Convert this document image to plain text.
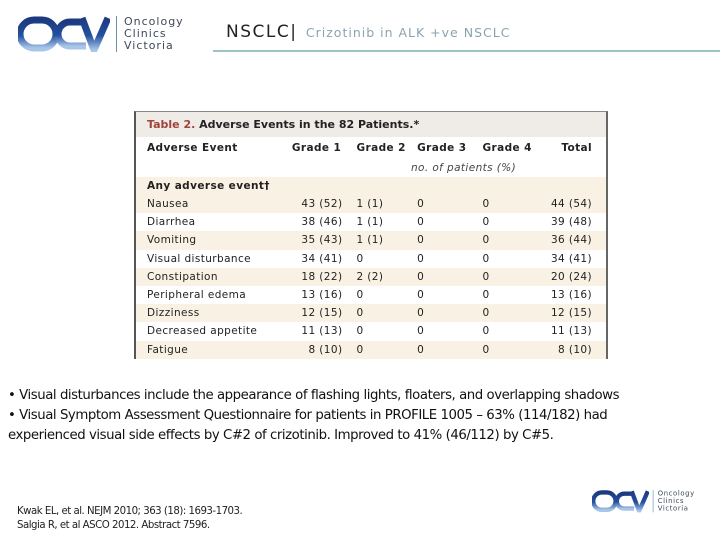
Oncology
Clinics
Victoria
NSCLC| Crizotinib in ALK +ve NSCLC
Table 2. Adverse Events in the 82 Patients.*
Adverse Event	Grade 1	Grade 2	Grade 3	Grade 4	Total
no. of patients (%)
Any adverse event†
Nausea	43 (52)	1 (1)	0	0	44 (54)
Diarrhea	38 (46)	1 (1)	0	0	39 (48)
Vomiting	35 (43)	1 (1)	0	0	36 (44)
Visual disturbance	34 (41)	0	0	0	34 (41)
Constipation	18 (22)	2 (2)	0	0	20 (24)
Peripheral edema	13 (16)	0	0	0	13 (16)
Dizziness	12 (15)	0	0	0	12 (15)
Decreased appetite	11 (13)	0	0	0	11 (13)
Fatigue	8 (10)	0	0	0	8 (10)
• Visual disturbances include the appearance of flashing lights, floaters, and overlapping shadows
• Visual Symptom Assessment Questionnaire for patients in PROFILE 1005 – 63% (114/182) had
experienced visual side effects by C#2 of crizotinib. Improved to 41% (46/112) by C#5.
Kwak EL, et al. NEJM 2010; 363 (18): 1693-1703.
Salgia R, et al ASCO 2012. Abstract 7596.
Oncology
Clinics
Victoria
